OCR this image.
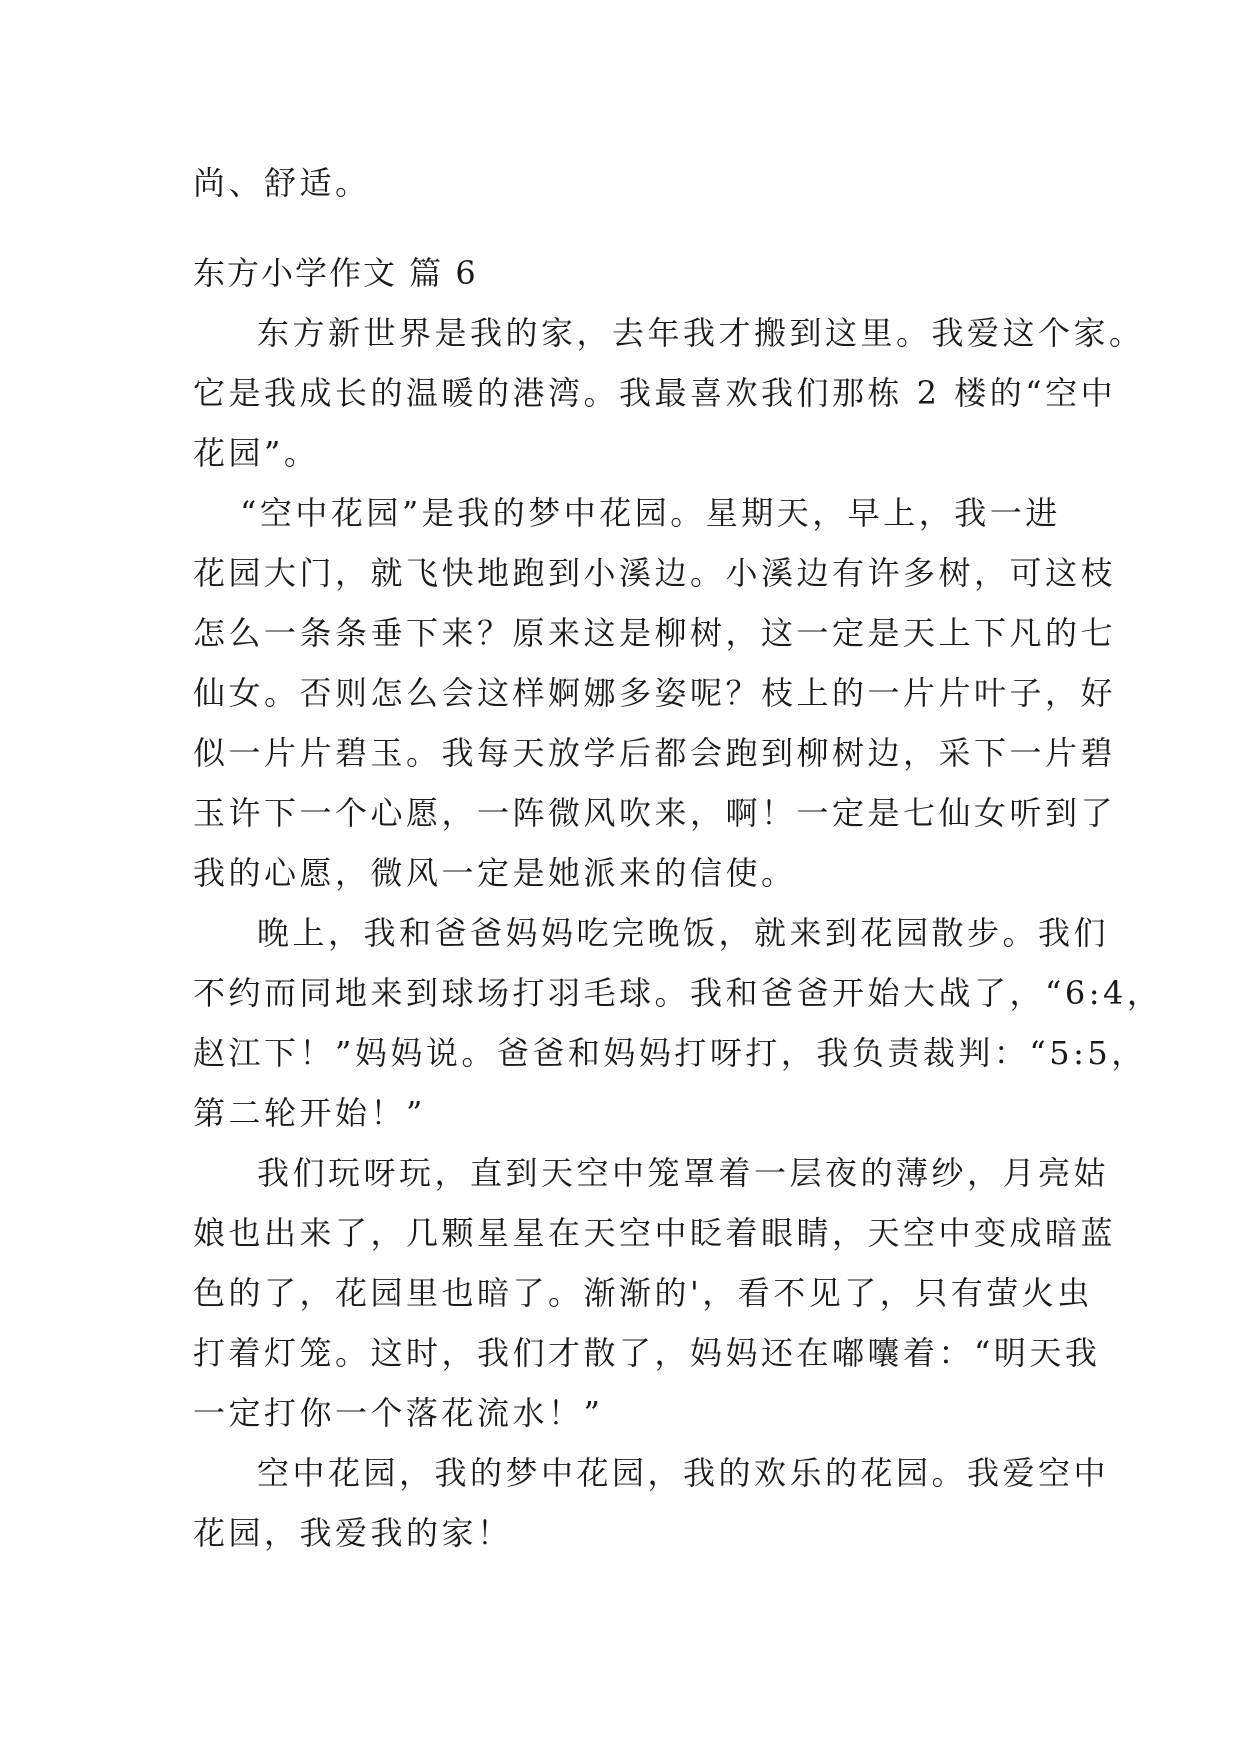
尚、舒适。
东方小学作文 篇 6
东方新世界是我的家，去年我才搬到这里。我爱这个家。
它是我成长的温暖的港湾。我最喜欢我们那栋 2 楼的“空中
花园”。
“空中花园”是我的梦中花园。星期天，早上，我一进
花园大门，就飞快地跑到小溪边。小溪边有许多树，可这枝
怎么一条条垂下来？原来这是柳树，这一定是天上下凡的七
仙女。否则怎么会这样婀娜多姿呢？枝上的一片片叶子，好
似一片片碧玉。我每天放学后都会跑到柳树边，采下一片碧
玉许下一个心愿，一阵微风吹来，啊！一定是七仙女听到了
我的心愿，微风一定是她派来的信使。
晚上，我和爸爸妈妈吃完晚饭，就来到花园散步。我们
不约而同地来到球场打羽毛球。我和爸爸开始大战了，“6:4，
赵江下！”妈妈说。爸爸和妈妈打呀打，我负责裁判：“5:5，
第二轮开始！”
我们玩呀玩，直到天空中笼罩着一层夜的薄纱，月亮姑
娘也出来了，几颗星星在天空中眨着眼睛，天空中变成暗蓝
色的了，花园里也暗了。渐渐的'，看不见了，只有萤火虫
打着灯笼。这时，我们才散了，妈妈还在嘟囔着：“明天我
一定打你一个落花流水！”
空中花园，我的梦中花园，我的欢乐的花园。我爱空中
花园，我爱我的家！
